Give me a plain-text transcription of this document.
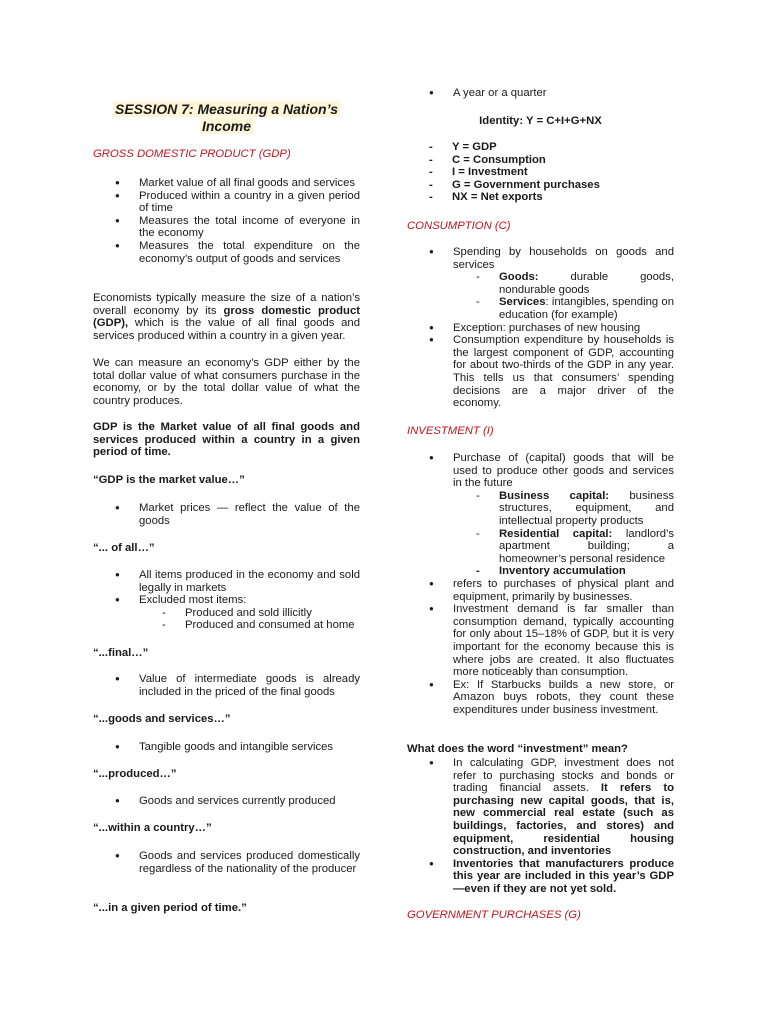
SESSION 7: Measuring a Nation’s
Income
GROSS DOMESTIC PRODUCT (GDP)
● Market value of all final goods and services
● Produced within a country in a given period of time
● Measures the total income of everyone in the economy
● Measures the total expenditure on the economy’s output of goods and services
Economists typically measure the size of a nation’s overall economy by its gross domestic product (GDP), which is the value of all final goods and services produced within a country in a given year.
We can measure an economy’s GDP either by the total dollar value of what consumers purchase in the economy, or by the total dollar value of what the country produces.
GDP is the Market value of all final goods and services produced within a country in a given period of time.
“GDP is the market value…”
● Market prices — reflect the value of the goods
“... of all…”
● All items produced in the economy and sold legally in markets
● Excluded most items:
- Produced and sold illicitly
- Produced and consumed at home
“...final…”
● Value of intermediate goods is already included in the priced of the final goods
“...goods and services…”
● Tangible goods and intangible services
“...produced…”
● Goods and services currently produced
“...within a country…”
● Goods and services produced domestically regardless of the nationality of the producer
“...in a given period of time.”
● A year or a quarter
Identity: Y = C+I+G+NX
- Y = GDP
- C = Consumption
- I = Investment
- G = Government purchases
- NX = Net exports
CONSUMPTION (C)
● Spending by households on goods and services
- Goods: durable goods, nondurable goods
- Services: intangibles, spending on education (for example)
● Exception: purchases of new housing
● Consumption expenditure by households is the largest component of GDP, accounting for about two-thirds of the GDP in any year. This tells us that consumers’ spending decisions are a major driver of the economy.
INVESTMENT (I)
● Purchase of (capital) goods that will be used to produce other goods and services in the future
- Business capital: business structures, equipment, and intellectual property products
- Residential capital: landlord’s apartment building; a homeowner’s personal residence
- Inventory accumulation
● refers to purchases of physical plant and equipment, primarily by businesses.
● Investment demand is far smaller than consumption demand, typically accounting for only about 15–18% of GDP, but it is very important for the economy because this is where jobs are created. It also fluctuates more noticeably than consumption.
● Ex: If Starbucks builds a new store, or Amazon buys robots, they count these expenditures under business investment.
What does the word “investment” mean?
● In calculating GDP, investment does not refer to purchasing stocks and bonds or trading financial assets. It refers to purchasing new capital goods, that is, new commercial real estate (such as buildings, factories, and stores) and equipment, residential housing construction, and inventories
● Inventories that manufacturers produce this year are included in this year’s GDP—even if they are not yet sold.
GOVERNMENT PURCHASES (G)
